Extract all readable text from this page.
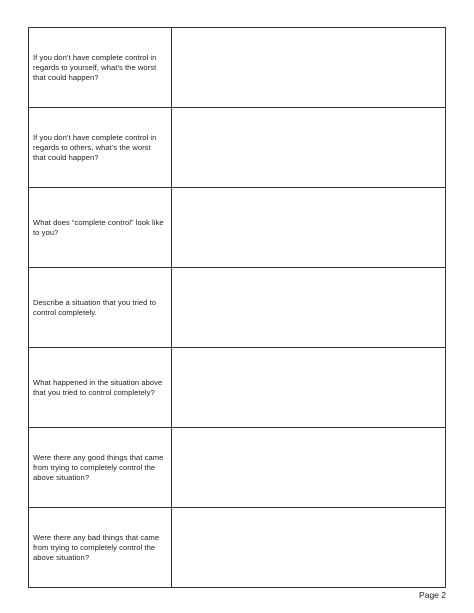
If you don’t have complete control in regards to yourself, what’s the worst that could happen?	

If you don’t have complete control in regards to others, what’s the worst that could happen?	

What does “complete control” look like to you?	

Describe a situation that you tried to control completely.	

What happened in the situation above that you tried to control completely?	

Were there any good things that came from trying to completely control the above situation?	

Were there any bad things that came from trying to completely control the above situation?	

Page 2
